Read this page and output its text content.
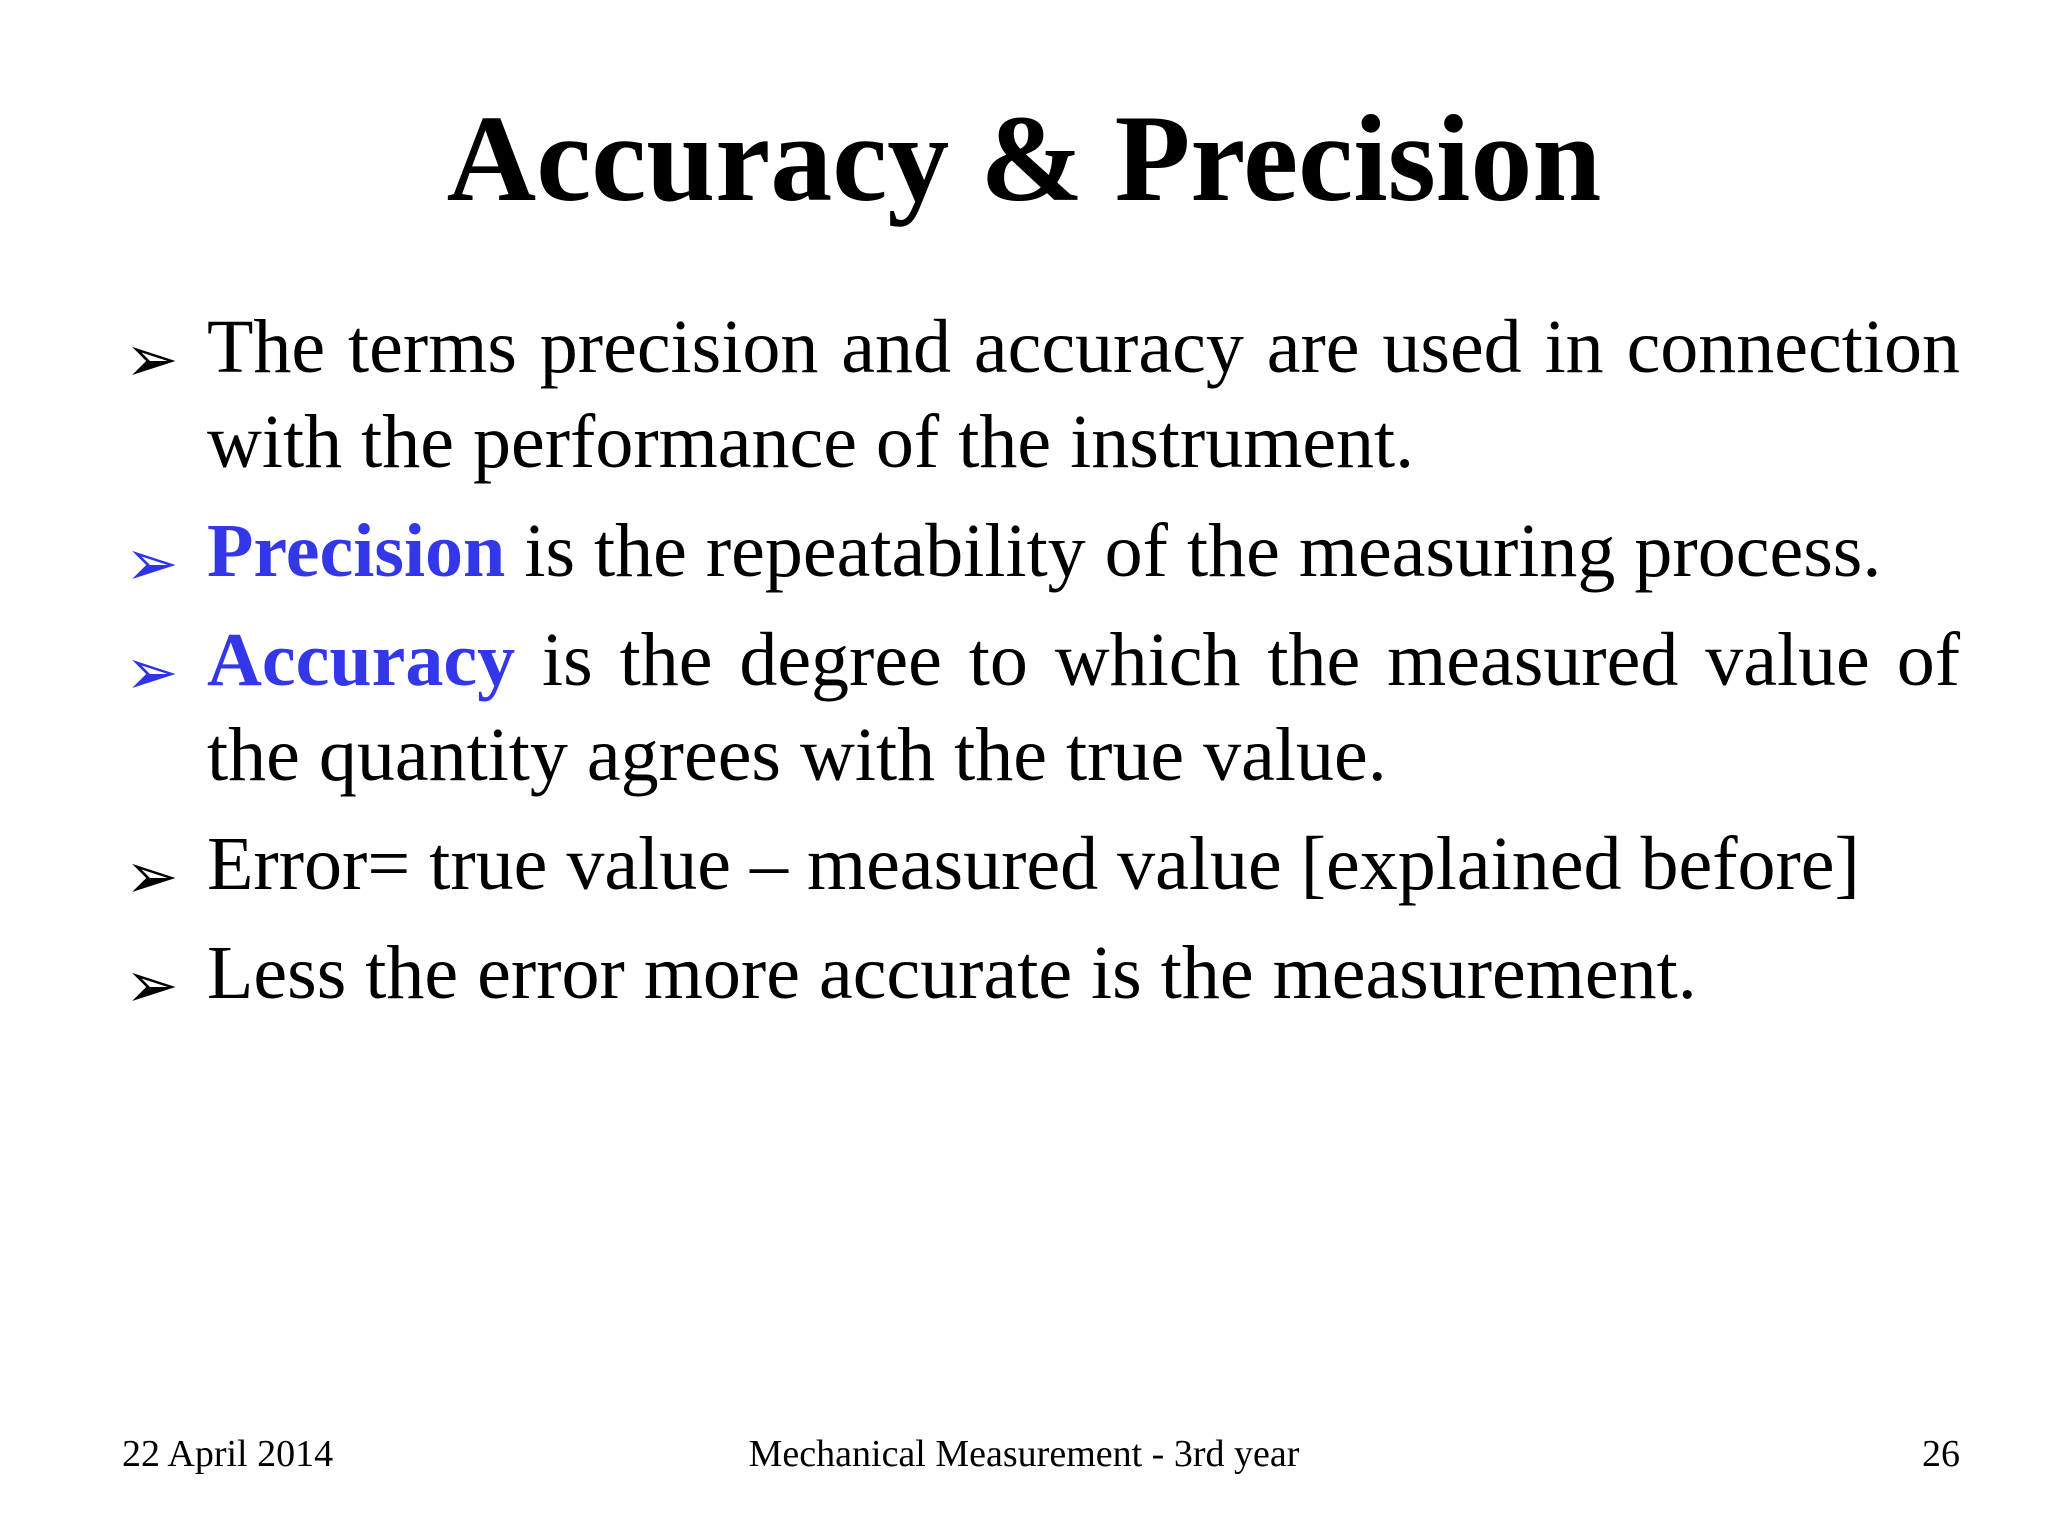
Accuracy & Precision
➢ The terms precision and accuracy are used in connection with the performance of the instrument.
➢ Precision is the repeatability of the measuring process.
➢ Accuracy is the degree to which the measured value of the quantity agrees with the true value.
➢ Error= true value – measured value [explained before]
➢ Less the error more accurate is the measurement.
22 April 2014	Mechanical Measurement - 3rd year	26
